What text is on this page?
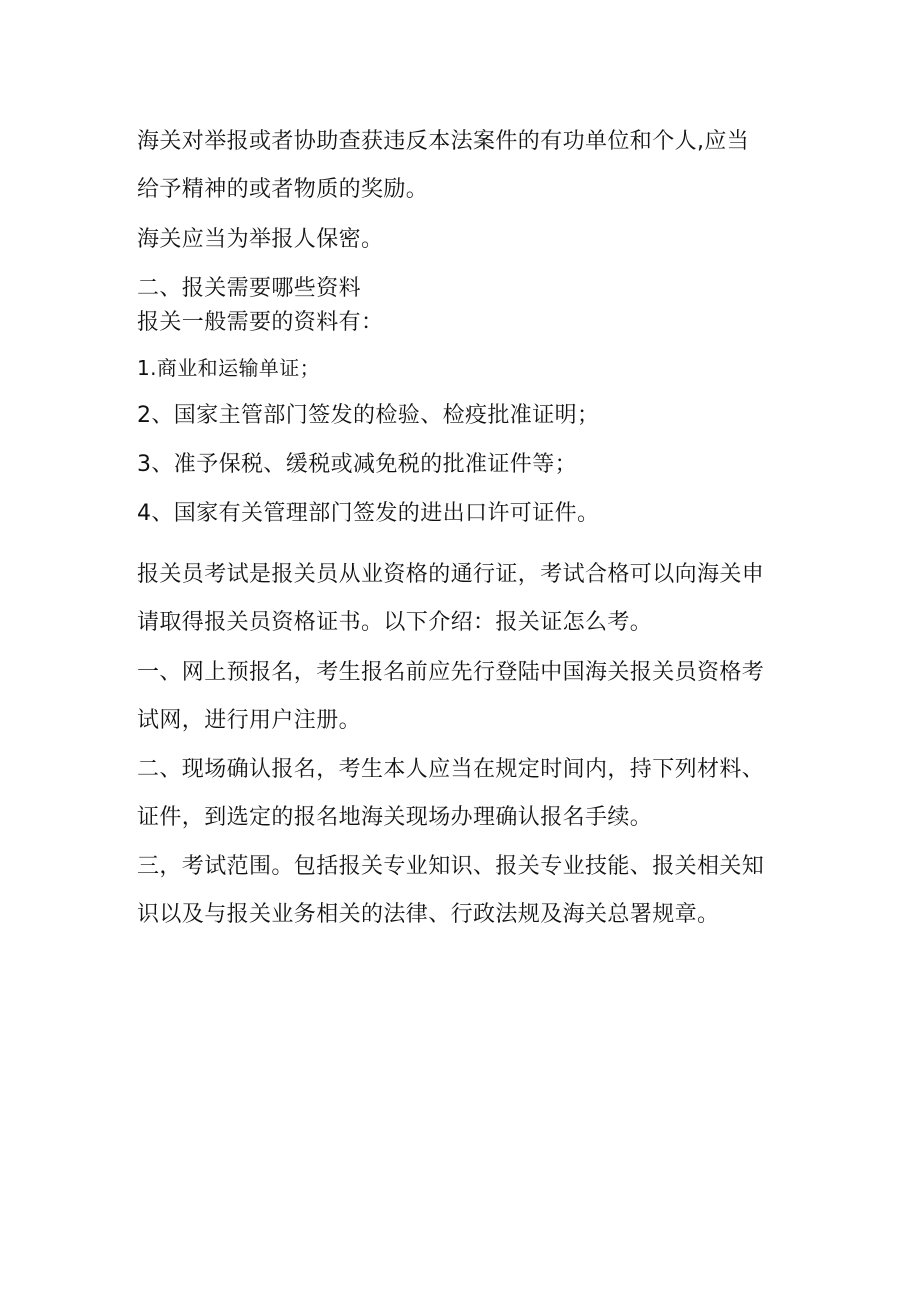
海关对举报或者协助查获违反本法案件的有功单位和个人,应当
给予精神的或者物质的奖励。
海关应当为举报人保密。
二、报关需要哪些资料
报关一般需要的资料有：
1.商业和运输单证；
2、国家主管部门签发的检验、检疫批准证明；
3、准予保税、缓税或减免税的批准证件等；
4、国家有关管理部门签发的进出口许可证件。
报关员考试是报关员从业资格的通行证，考试合格可以向海关申
请取得报关员资格证书。以下介绍：报关证怎么考。
一、网上预报名，考生报名前应先行登陆中国海关报关员资格考
试网，进行用户注册。
二、现场确认报名，考生本人应当在规定时间内，持下列材料、
证件，到选定的报名地海关现场办理确认报名手续。
三，考试范围。包括报关专业知识、报关专业技能、报关相关知
识以及与报关业务相关的法律、行政法规及海关总署规章。
